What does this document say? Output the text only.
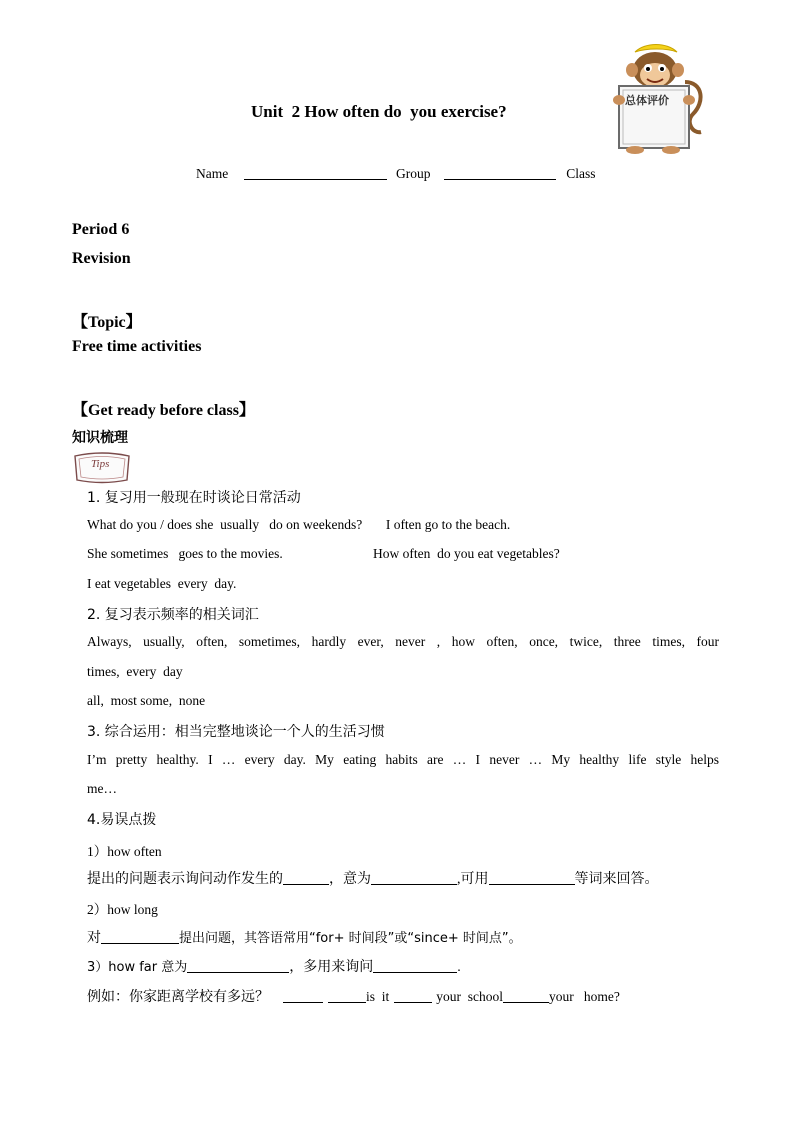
Unit  2 How often do  you exercise?
总体评价
Name	Group	Class
Period 6
Revision
【Topic】
Free time activities
【Get ready before class】
知识梳理
Tips
1. 复习用一般现在时谈论日常活动
What do you / does she  usually   do on weekends?       I often go to the beach.
She sometimes   goes to the movies.	How often  do you eat vegetables?
I eat vegetables  every  day.
2. 复习表示频率的相关词汇
Always, usually, often, sometimes, hardly ever, never , how often, once, twice, three times, four
times,  every  day
all,  most some,  none
3. 综合运用：相当完整地谈论一个人的生活习惯
I’m pretty healthy. I … every day. My eating habits are … I never … My healthy life style helps
me…
4.易误点拨
1）how often
提出的问题表示询问动作发生的	，意为	,可用	等词来回答。
2）how long
对	提出问题，其答语常用“for+ 时间段”或“since+ 时间点”。
3）how far 意为	，多用来询问	.
例如：你家距离学校有多远？	is  it	your  school	your   home?
